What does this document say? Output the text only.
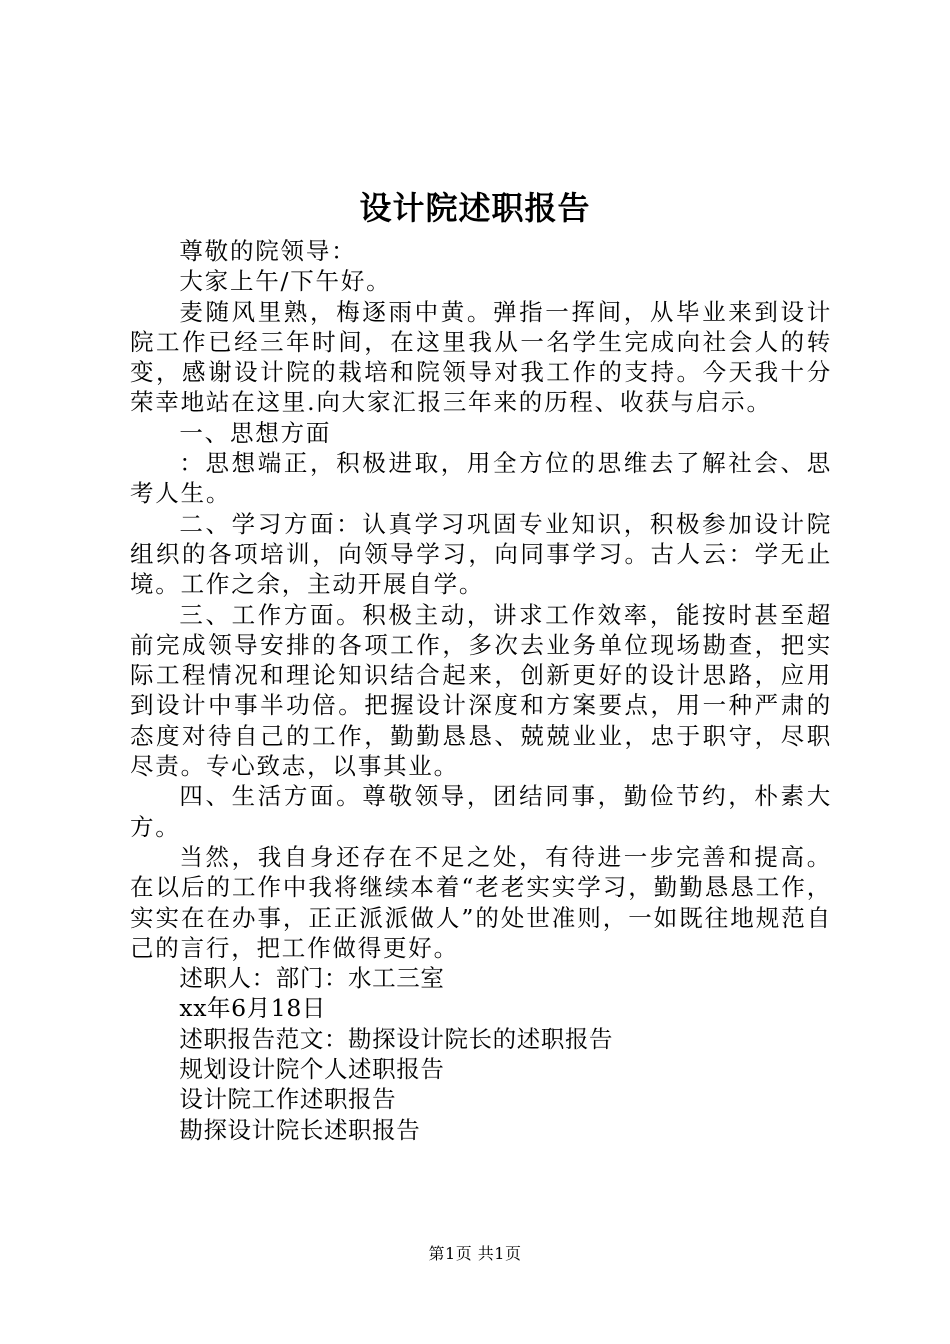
设计院述职报告

尊敬的院领导：

大家上午/下午好。

麦随风里熟，梅逐雨中黄。弹指一挥间，从毕业来到设计院工作已经三年时间，在这里我从一名学生完成向社会人的转变，感谢设计院的栽培和院领导对我工作的支持。今天我十分荣幸地站在这里.向大家汇报三年来的历程、收获与启示。

一、思想方面

：思想端正，积极进取，用全方位的思维去了解社会、思考人生。

二、学习方面：认真学习巩固专业知识，积极参加设计院组织的各项培训，向领导学习，向同事学习。古人云：学无止境。工作之余，主动开展自学。

三、工作方面。积极主动，讲求工作效率，能按时甚至超前完成领导安排的各项工作，多次去业务单位现场勘查，把实际工程情况和理论知识结合起来，创新更好的设计思路，应用到设计中事半功倍。把握设计深度和方案要点，用一种严肃的态度对待自己的工作，勤勤恳恳、兢兢业业，忠于职守，尽职尽责。专心致志，以事其业。

四、生活方面。尊敬领导，团结同事，勤俭节约，朴素大方。

当然，我自身还存在不足之处，有待进一步完善和提高。在以后的工作中我将继续本着“老老实实学习，勤勤恳恳工作，实实在在办事，正正派派做人”的处世准则，一如既往地规范自己的言行，把工作做得更好。

述职人：部门：水工三室

xx年6月18日

述职报告范文：勘探设计院长的述职报告

规划设计院个人述职报告

设计院工作述职报告

勘探设计院长述职报告

第1页 共1页
